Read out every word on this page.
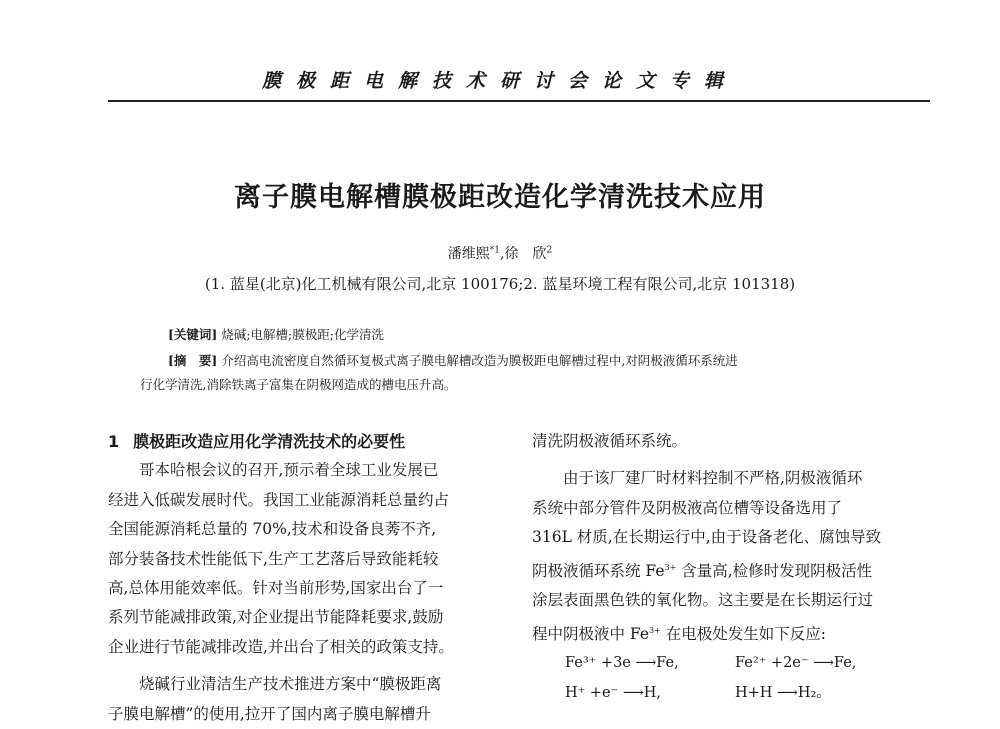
膜极距电解技术研讨会论文专辑
离子膜电解槽膜极距改造化学清洗技术应用
潘维熙$^{*1}$,徐　欣$^2$
(1. 蓝星(北京)化工机械有限公司,北京 100176;2. 蓝星环境工程有限公司,北京 101318)
[关键词] 烧碱;电解槽;膜极距;化学清洗
[摘　要] 介绍高电流密度自然循环复极式离子膜电解槽改造为膜极距电解槽过程中,对阴极液循环系统进
行化学清洗,消除铁离子富集在阴极网造成的槽电压升高。
1 膜极距改造应用化学清洗技术的必要性

哥本哈根会议的召开,预示着全球工业发展已
经进入低碳发展时代。我国工业能源消耗总量约占
全国能源消耗总量的 70%,技术和设备良莠不齐,
部分装备技术性能低下,生产工艺落后导致能耗较
高,总体用能效率低。针对当前形势,国家出台了一
系列节能减排政策,对企业提出节能降耗要求,鼓励
企业进行节能减排改造,并出台了相关的政策支持。

烧碱行业清洁生产技术推进方案中“膜极距离
子膜电解槽”的使用,拉开了国内离子膜电解槽升

清洗阴极液循环系统。

由于该厂建厂时材料控制不严格,阴极液循环
系统中部分管件及阴极液高位槽等设备选用了
316L 材质,在长期运行中,由于设备老化、腐蚀导致
阴极液循环系统 $Fe^{3+}$ 含量高,检修时发现阴极活性
涂层表面黑色铁的氧化物。这主要是在长期运行过
程中阴极液中 $Fe^{3+}$ 在电极处发生如下反应:

Fe³⁺ +3e ⟶Fe,	Fe²⁺ +2e⁻ ⟶Fe,
H⁺ +e⁻ ⟶H,	H+H ⟶H₂。
